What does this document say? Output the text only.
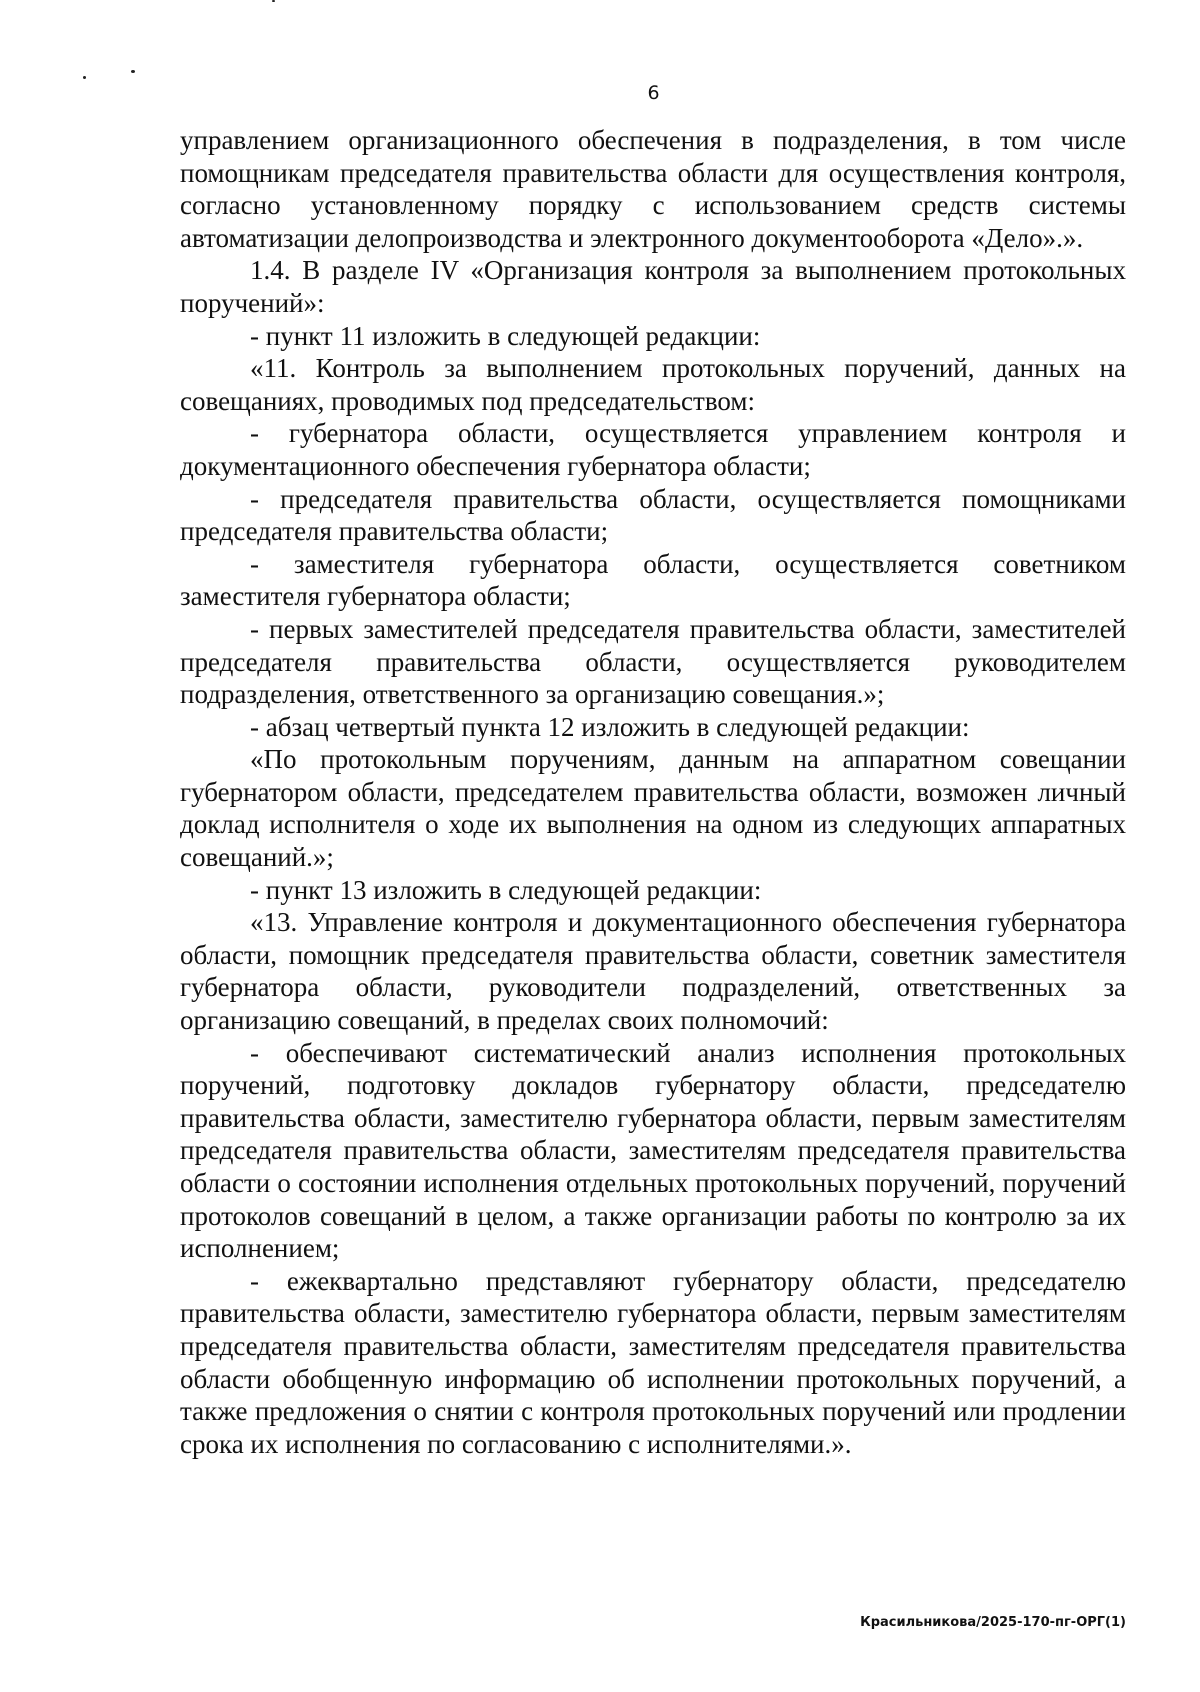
6

управлением организационного обеспечения в подразделения, в том числе помощникам председателя правительства области для осуществления контроля, согласно установленному порядку с использованием средств системы автоматизации делопроизводства и электронного документооборота «Дело».».

1.4. В разделе IV «Организация контроля за выполнением протокольных поручений»:

- пункт 11 изложить в следующей редакции:

«11. Контроль за выполнением протокольных поручений, данных на совещаниях, проводимых под председательством:

- губернатора области, осуществляется управлением контроля и документационного обеспечения губернатора области;

- председателя правительства области, осуществляется помощниками председателя правительства области;

- заместителя губернатора области, осуществляется советником заместителя губернатора области;

- первых заместителей председателя правительства области, заместителей председателя правительства области, осуществляется руководителем подразделения, ответственного за организацию совещания.»;

- абзац четвертый пункта 12 изложить в следующей редакции:

«По протокольным поручениям, данным на аппаратном совещании губернатором области, председателем правительства области, возможен личный доклад исполнителя о ходе их выполнения на одном из следующих аппаратных совещаний.»;

- пункт 13 изложить в следующей редакции:

«13. Управление контроля и документационного обеспечения губернатора области, помощник председателя правительства области, советник заместителя губернатора области, руководители подразделений, ответственных за организацию совещаний, в пределах своих полномочий:

- обеспечивают систематический анализ исполнения протокольных поручений, подготовку докладов губернатору области, председателю правительства области, заместителю губернатора области, первым заместителям председателя правительства области, заместителям председателя правительства области о состоянии исполнения отдельных протокольных поручений, поручений протоколов совещаний в целом, а также организации работы по контролю за их исполнением;

- ежеквартально представляют губернатору области, председателю правительства области, заместителю губернатора области, первым заместителям председателя правительства области, заместителям председателя правительства области обобщенную информацию об исполнении протокольных поручений, а также предложения о снятии с контроля протокольных поручений или продлении срока их исполнения по согласованию с исполнителями.».

Красильникова/2025-170-пг-ОРГ(1)
